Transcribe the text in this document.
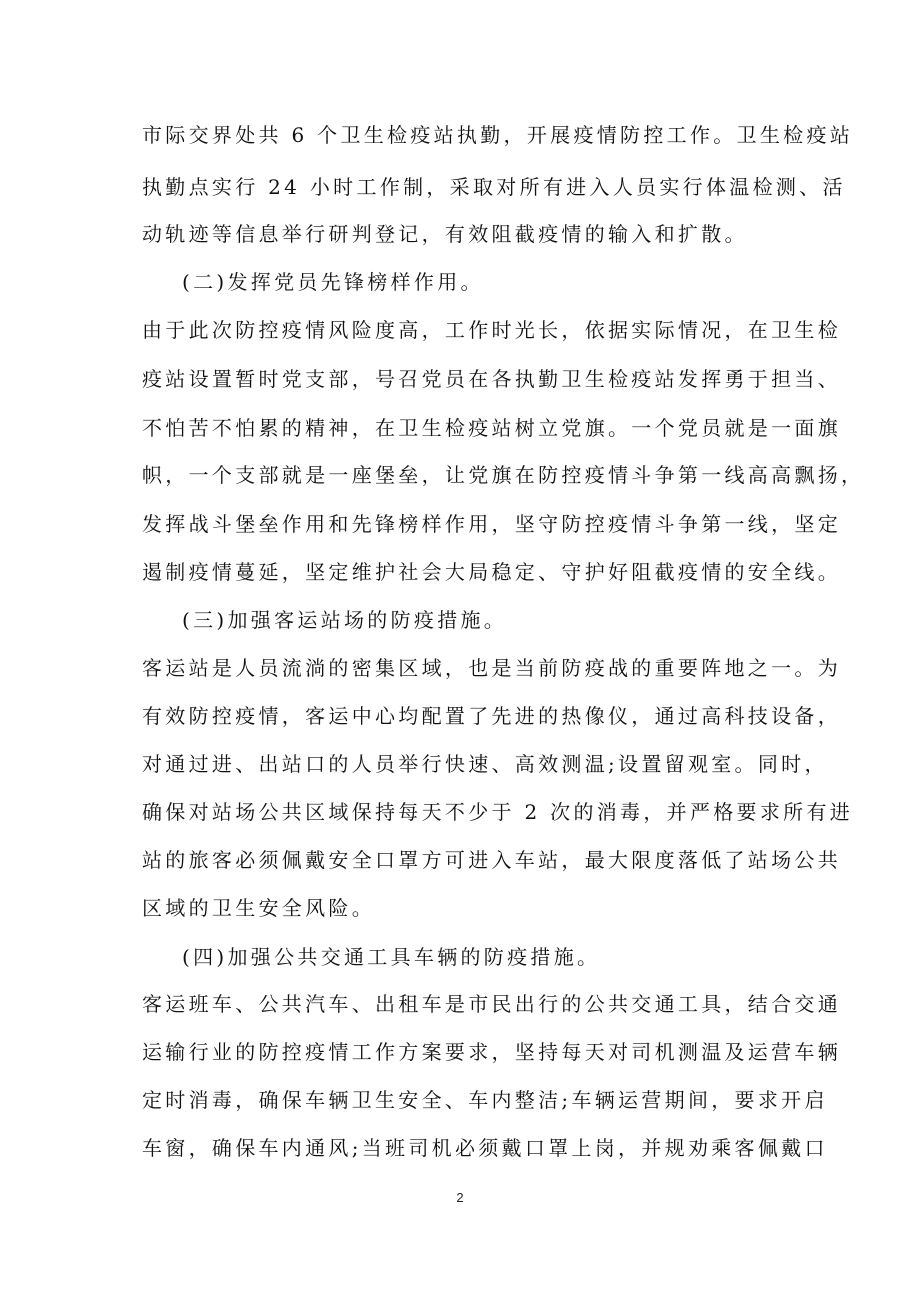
市际交界处共 6 个卫生检疫站执勤，开展疫情防控工作。卫生检疫站
执勤点实行 24 小时工作制，采取对所有进入人员实行体温检测、活
动轨迹等信息举行研判登记，有效阻截疫情的输入和扩散。
(二)发挥党员先锋榜样作用。
由于此次防控疫情风险度高，工作时光长，依据实际情况，在卫生检
疫站设置暂时党支部，号召党员在各执勤卫生检疫站发挥勇于担当、
不怕苦不怕累的精神，在卫生检疫站树立党旗。一个党员就是一面旗
帜，一个支部就是一座堡垒，让党旗在防控疫情斗争第一线高高飘扬，
发挥战斗堡垒作用和先锋榜样作用，坚守防控疫情斗争第一线，坚定
遏制疫情蔓延，坚定维护社会大局稳定、守护好阻截疫情的安全线。
(三)加强客运站场的防疫措施。
客运站是人员流淌的密集区域，也是当前防疫战的重要阵地之一。为
有效防控疫情，客运中心均配置了先进的热像仪，通过高科技设备，
对通过进、出站口的人员举行快速、高效测温;设置留观室。同时，
确保对站场公共区域保持每天不少于 2 次的消毒，并严格要求所有进
站的旅客必须佩戴安全口罩方可进入车站，最大限度落低了站场公共
区域的卫生安全风险。
(四)加强公共交通工具车辆的防疫措施。
客运班车、公共汽车、出租车是市民出行的公共交通工具，结合交通
运输行业的防控疫情工作方案要求，坚持每天对司机测温及运营车辆
定时消毒，确保车辆卫生安全、车内整洁;车辆运营期间，要求开启
车窗，确保车内通风;当班司机必须戴口罩上岗，并规劝乘客佩戴口
2
